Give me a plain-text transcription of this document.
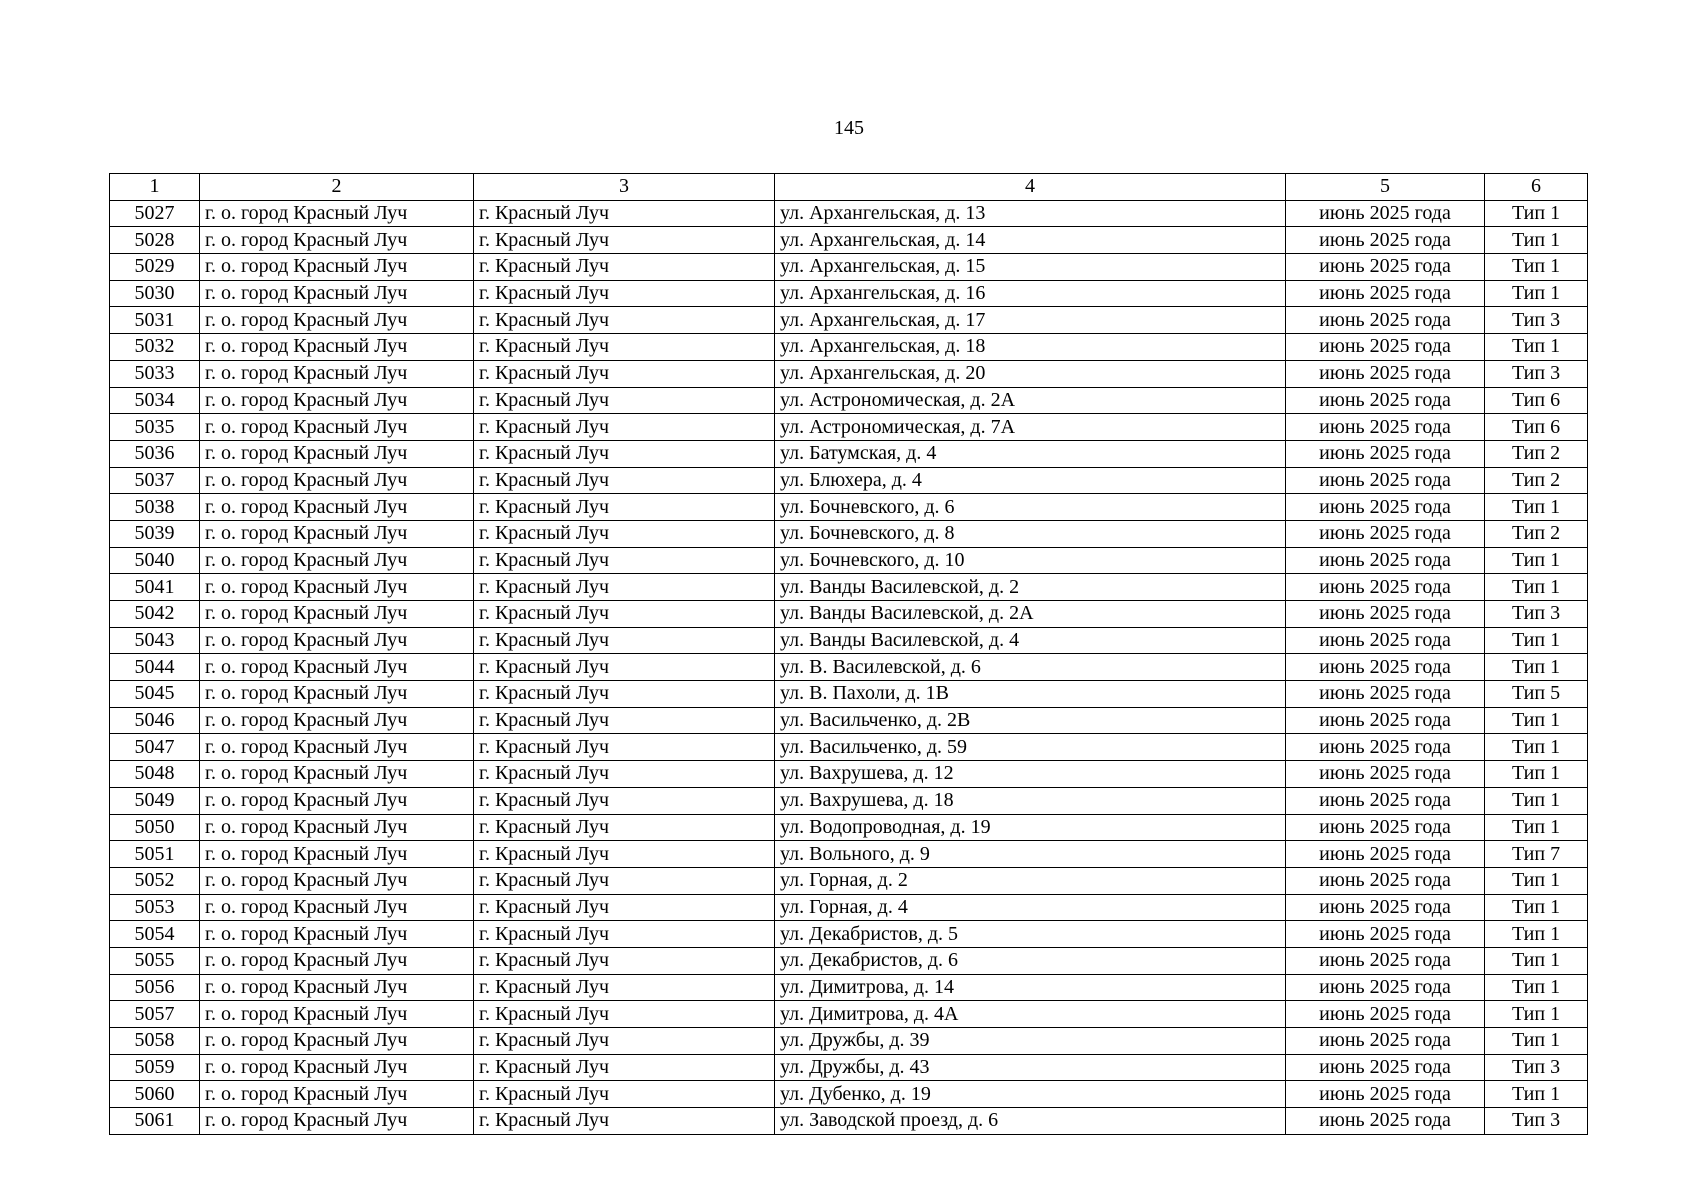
145
1	2	3	4	5	6
5027	г. о. город Красный Луч	г. Красный Луч	ул. Архангельская, д. 13	июнь 2025 года	Тип 1
5028	г. о. город Красный Луч	г. Красный Луч	ул. Архангельская, д. 14	июнь 2025 года	Тип 1
5029	г. о. город Красный Луч	г. Красный Луч	ул. Архангельская, д. 15	июнь 2025 года	Тип 1
5030	г. о. город Красный Луч	г. Красный Луч	ул. Архангельская, д. 16	июнь 2025 года	Тип 1
5031	г. о. город Красный Луч	г. Красный Луч	ул. Архангельская, д. 17	июнь 2025 года	Тип 3
5032	г. о. город Красный Луч	г. Красный Луч	ул. Архангельская, д. 18	июнь 2025 года	Тип 1
5033	г. о. город Красный Луч	г. Красный Луч	ул. Архангельская, д. 20	июнь 2025 года	Тип 3
5034	г. о. город Красный Луч	г. Красный Луч	ул. Астрономическая, д. 2А	июнь 2025 года	Тип 6
5035	г. о. город Красный Луч	г. Красный Луч	ул. Астрономическая, д. 7А	июнь 2025 года	Тип 6
5036	г. о. город Красный Луч	г. Красный Луч	ул. Батумская, д. 4	июнь 2025 года	Тип 2
5037	г. о. город Красный Луч	г. Красный Луч	ул. Блюхера, д. 4	июнь 2025 года	Тип 2
5038	г. о. город Красный Луч	г. Красный Луч	ул. Бочневского, д. 6	июнь 2025 года	Тип 1
5039	г. о. город Красный Луч	г. Красный Луч	ул. Бочневского, д. 8	июнь 2025 года	Тип 2
5040	г. о. город Красный Луч	г. Красный Луч	ул. Бочневского, д. 10	июнь 2025 года	Тип 1
5041	г. о. город Красный Луч	г. Красный Луч	ул. Ванды Василевской, д. 2	июнь 2025 года	Тип 1
5042	г. о. город Красный Луч	г. Красный Луч	ул. Ванды Василевской, д. 2А	июнь 2025 года	Тип 3
5043	г. о. город Красный Луч	г. Красный Луч	ул. Ванды Василевской, д. 4	июнь 2025 года	Тип 1
5044	г. о. город Красный Луч	г. Красный Луч	ул. В. Василевской, д. 6	июнь 2025 года	Тип 1
5045	г. о. город Красный Луч	г. Красный Луч	ул. В. Пахоли, д. 1В	июнь 2025 года	Тип 5
5046	г. о. город Красный Луч	г. Красный Луч	ул. Васильченко, д. 2В	июнь 2025 года	Тип 1
5047	г. о. город Красный Луч	г. Красный Луч	ул. Васильченко, д. 59	июнь 2025 года	Тип 1
5048	г. о. город Красный Луч	г. Красный Луч	ул. Вахрушева, д. 12	июнь 2025 года	Тип 1
5049	г. о. город Красный Луч	г. Красный Луч	ул. Вахрушева, д. 18	июнь 2025 года	Тип 1
5050	г. о. город Красный Луч	г. Красный Луч	ул. Водопроводная, д. 19	июнь 2025 года	Тип 1
5051	г. о. город Красный Луч	г. Красный Луч	ул. Вольного, д. 9	июнь 2025 года	Тип 7
5052	г. о. город Красный Луч	г. Красный Луч	ул. Горная, д. 2	июнь 2025 года	Тип 1
5053	г. о. город Красный Луч	г. Красный Луч	ул. Горная, д. 4	июнь 2025 года	Тип 1
5054	г. о. город Красный Луч	г. Красный Луч	ул. Декабристов, д. 5	июнь 2025 года	Тип 1
5055	г. о. город Красный Луч	г. Красный Луч	ул. Декабристов, д. 6	июнь 2025 года	Тип 1
5056	г. о. город Красный Луч	г. Красный Луч	ул. Димитрова, д. 14	июнь 2025 года	Тип 1
5057	г. о. город Красный Луч	г. Красный Луч	ул. Димитрова, д. 4А	июнь 2025 года	Тип 1
5058	г. о. город Красный Луч	г. Красный Луч	ул. Дружбы, д. 39	июнь 2025 года	Тип 1
5059	г. о. город Красный Луч	г. Красный Луч	ул. Дружбы, д. 43	июнь 2025 года	Тип 3
5060	г. о. город Красный Луч	г. Красный Луч	ул. Дубенко, д. 19	июнь 2025 года	Тип 1
5061	г. о. город Красный Луч	г. Красный Луч	ул. Заводской проезд, д. 6	июнь 2025 года	Тип 3
